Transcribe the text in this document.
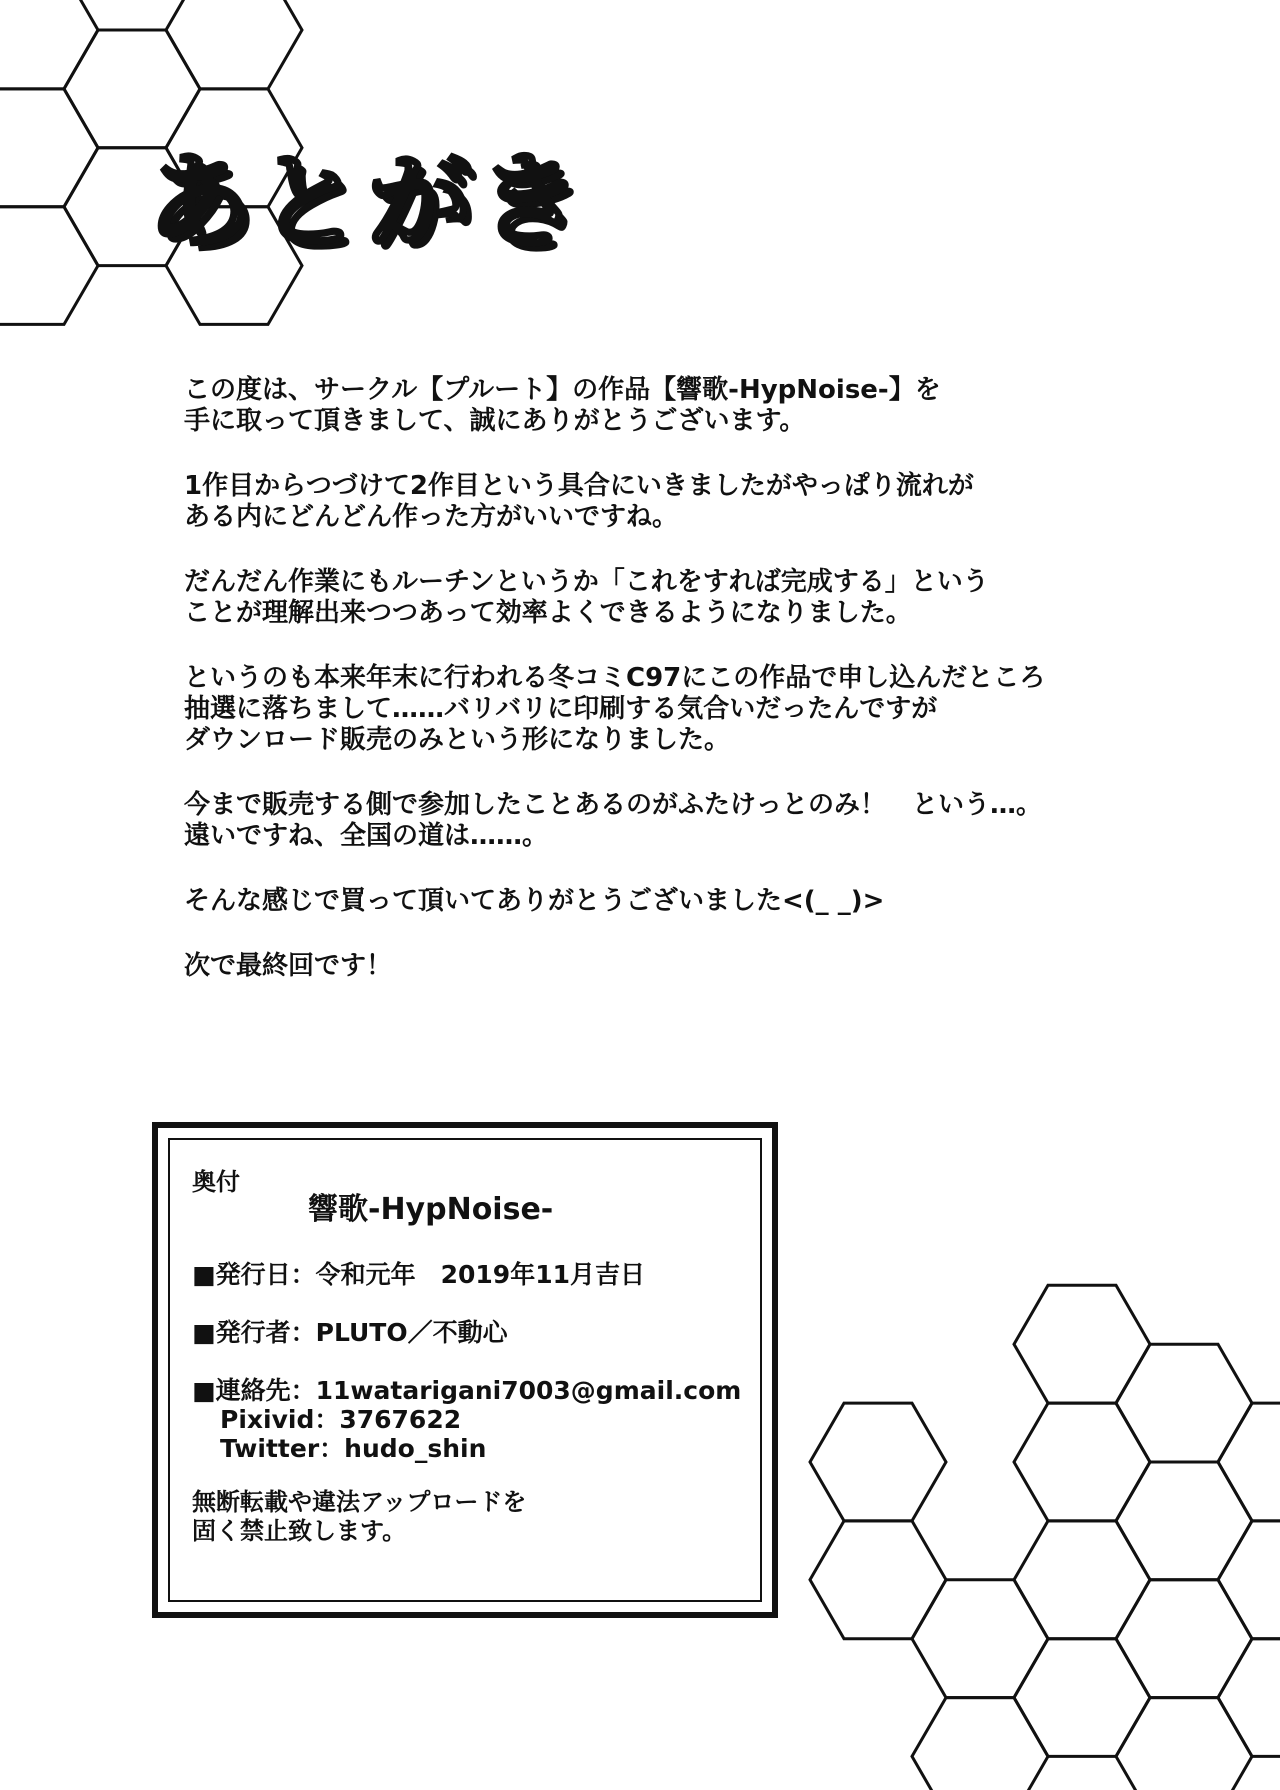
あとがき

この度は、サークル【プルート】の作品【響歌-HypNoise-】を
手に取って頂きまして、誠にありがとうございます。

1作目からつづけて2作目という具合にいきましたがやっぱり流れが
ある内にどんどん作った方がいいですね。

だんだん作業にもルーチンというか「これをすれば完成する」という
ことが理解出来つつあって効率よくできるようになりました。

というのも本来年末に行われる冬コミC97にこの作品で申し込んだところ
抽選に落ちまして……バリバリに印刷する気合いだったんですが
ダウンロード販売のみという形になりました。

今まで販売する側で参加したことあるのがふたけっとのみ！　という…。
遠いですね、全国の道は……。

そんな感じで買って頂いてありがとうございました<(_ _)>

次で最終回です！

奥付
響歌-HypNoise-
■発行日：令和元年　2019年11月吉日
■発行者：PLUTO／不動心
■連絡先：11watarigani7003@gmail.com
Pixivid：3767622
Twitter：hudo_shin
無断転載や違法アップロードを
固く禁止致します。
